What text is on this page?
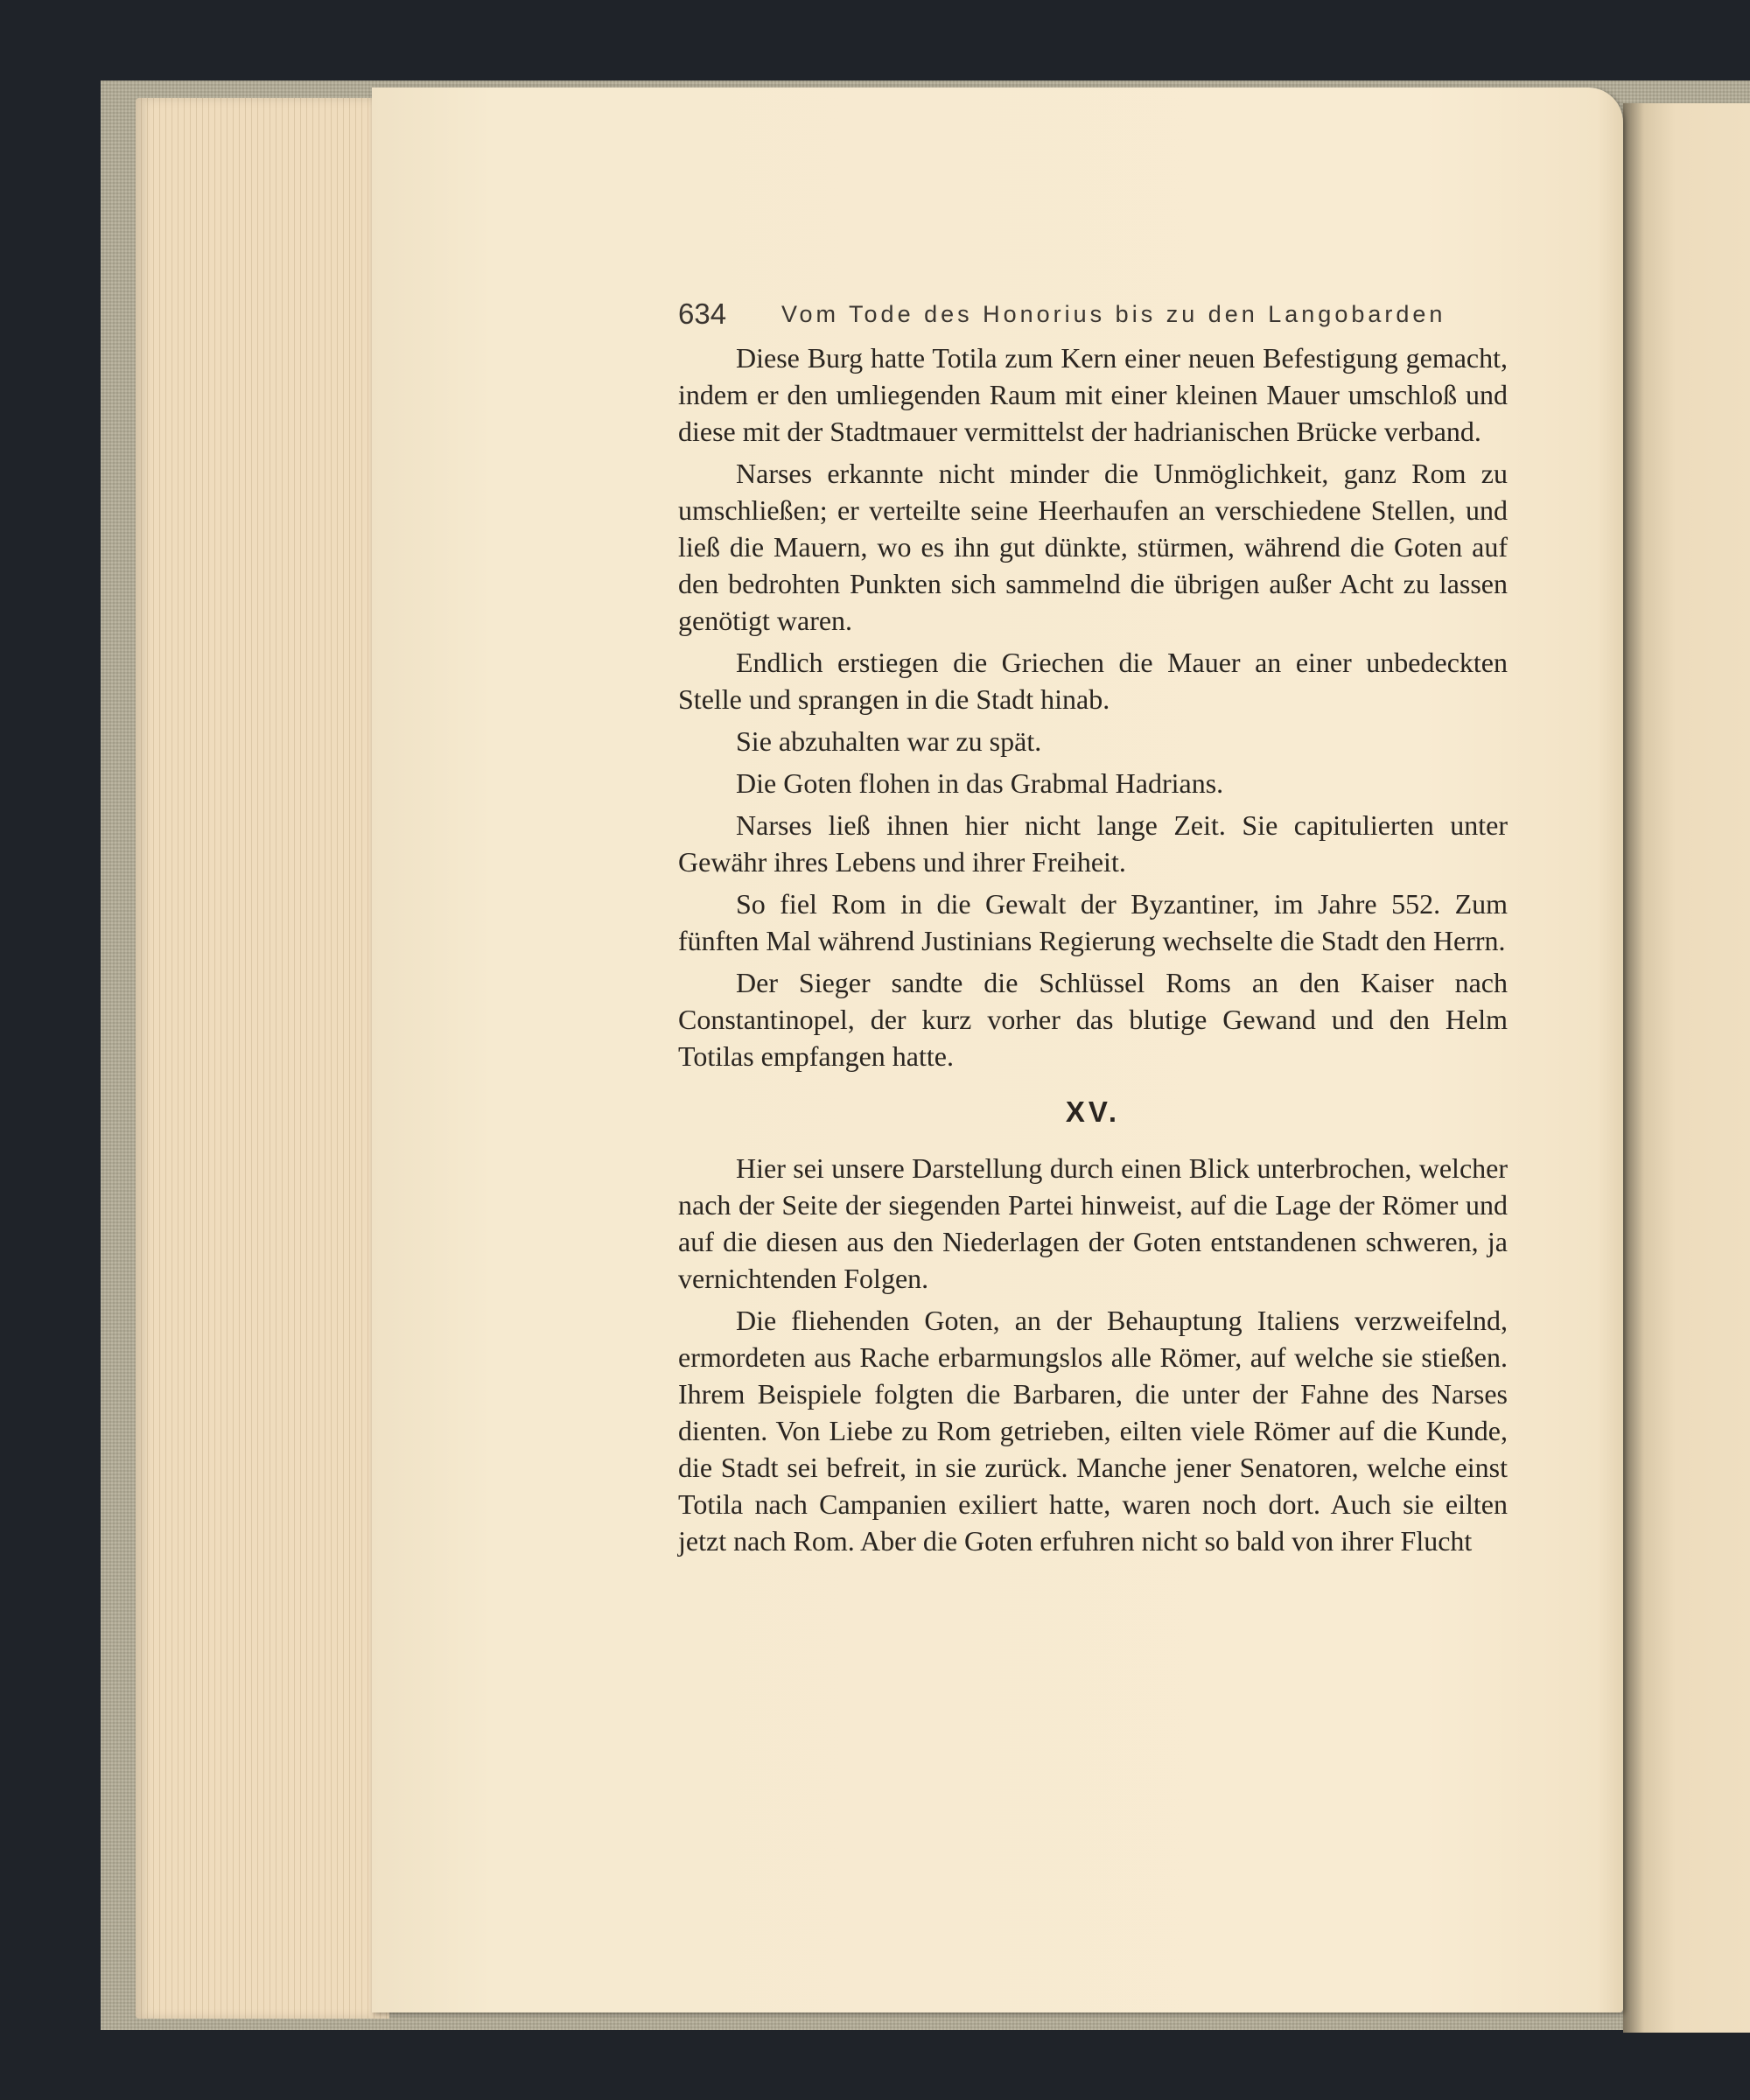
634 Vom Tode des Honorius bis zu den Langobarden

Diese Burg hatte Totila zum Kern einer neuen Befestigung gemacht, indem er den umliegenden Raum mit einer kleinen Mauer umschloß und diese mit der Stadtmauer vermittelst der hadrianischen Brücke verband.

Narses erkannte nicht minder die Unmöglichkeit, ganz Rom zu umschließen; er verteilte seine Heerhaufen an verschiedene Stellen, und ließ die Mauern, wo es ihn gut dünkte, stürmen, während die Goten auf den bedrohten Punkten sich sammelnd die übrigen außer Acht zu lassen genötigt waren.

Endlich erstiegen die Griechen die Mauer an einer unbedeckten Stelle und sprangen in die Stadt hinab.

Sie abzuhalten war zu spät.

Die Goten flohen in das Grabmal Hadrians.

Narses ließ ihnen hier nicht lange Zeit. Sie capitulierten unter Gewähr ihres Lebens und ihrer Freiheit.

So fiel Rom in die Gewalt der Byzantiner, im Jahre 552. Zum fünften Mal während Justinians Regierung wechselte die Stadt den Herrn.

Der Sieger sandte die Schlüssel Roms an den Kaiser nach Constantinopel, der kurz vorher das blutige Gewand und den Helm Totilas empfangen hatte.

XV.

Hier sei unsere Darstellung durch einen Blick unterbrochen, welcher nach der Seite der siegenden Partei hinweist, auf die Lage der Römer und auf die diesen aus den Niederlagen der Goten entstandenen schweren, ja vernichtenden Folgen.

Die fliehenden Goten, an der Behauptung Italiens verzweifelnd, ermordeten aus Rache erbarmungslos alle Römer, auf welche sie stießen. Ihrem Beispiele folgten die Barbaren, die unter der Fahne des Narses dienten. Von Liebe zu Rom getrieben, eilten viele Römer auf die Kunde, die Stadt sei befreit, in sie zurück. Manche jener Senatoren, welche einst Totila nach Campanien exiliert hatte, waren noch dort. Auch sie eilten jetzt nach Rom. Aber die Goten erfuhren nicht so bald von ihrer Flucht
